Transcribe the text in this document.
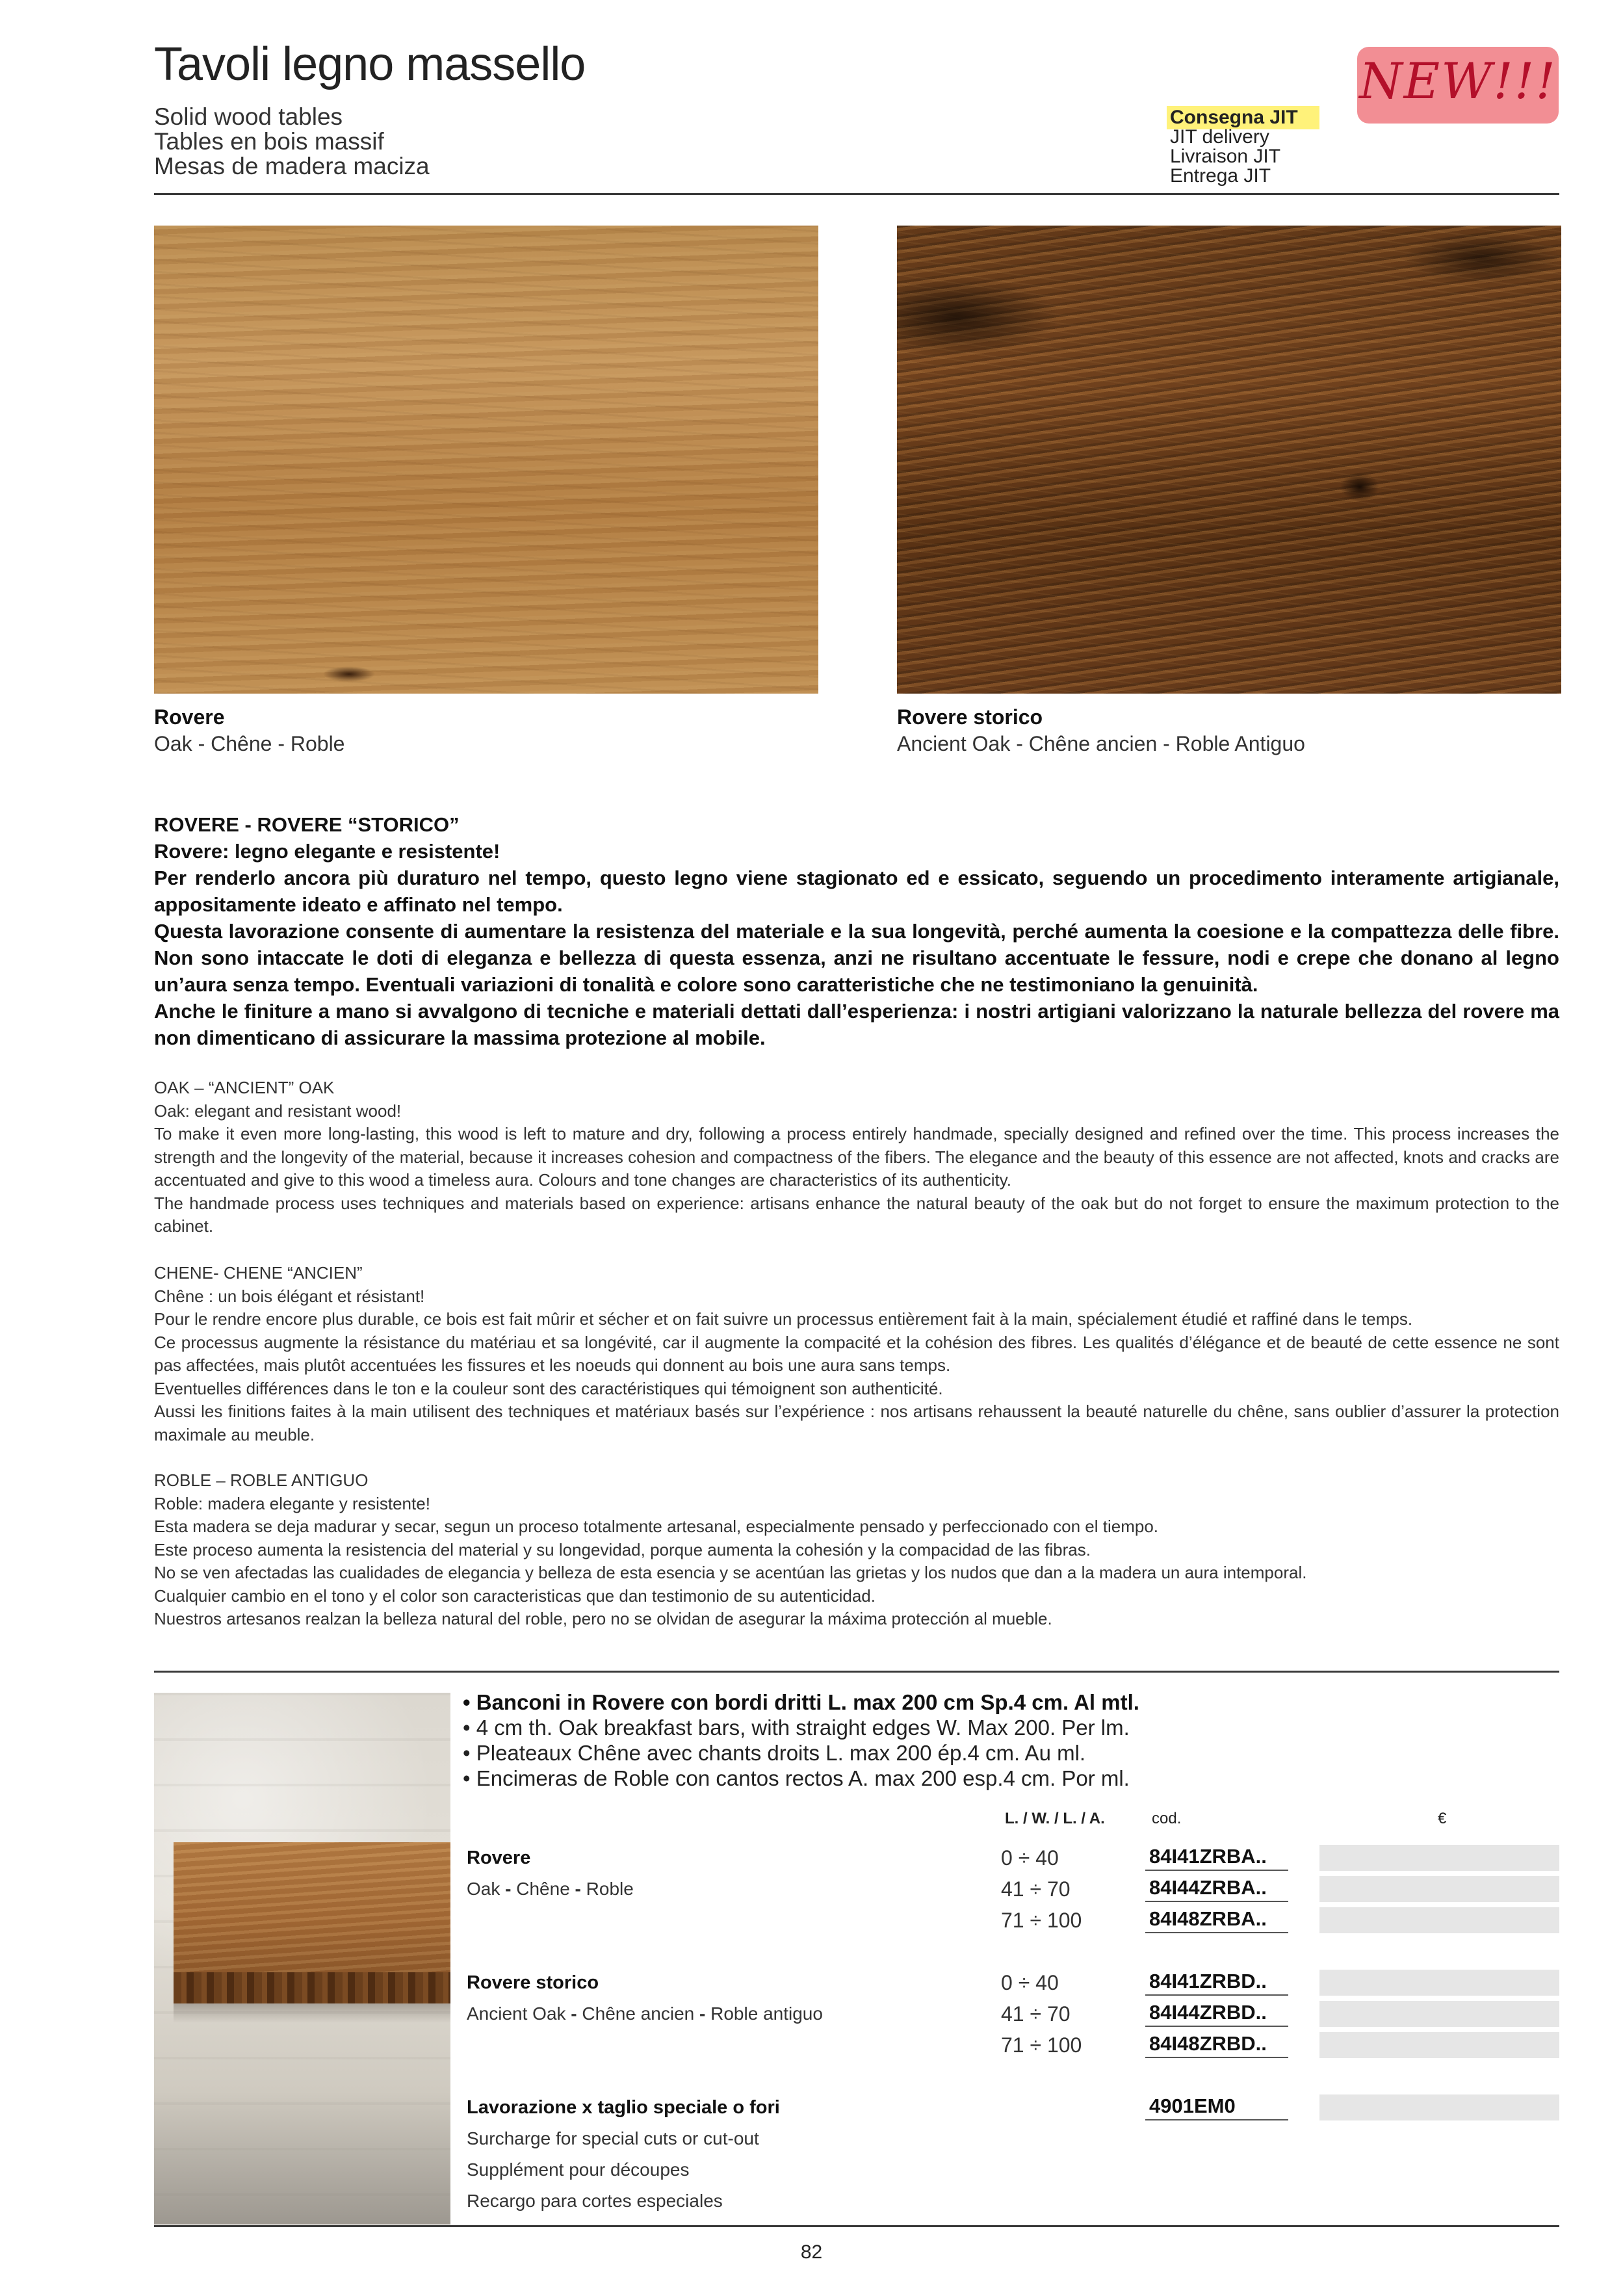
Tavoli legno massello
Solid wood tables
Tables en bois massif
Mesas de madera maciza
Consegna JIT
JIT delivery
Livraison JIT
Entrega JIT
NEW!!!
Rovere
Oak - Chêne - Roble
Rovere storico
Ancient Oak - Chêne ancien - Roble Antiguo

ROVERE - ROVERE “STORICO”

Rovere: legno elegante e resistente!

Per renderlo ancora più duraturo nel tempo, questo legno viene stagionato ed e essicato, seguendo un procedimento interamente artigianale, appositamente ideato e affinato nel tempo.

Questa lavorazione consente di aumentare la resistenza del materiale e la sua longevità, perché aumenta la coesione e la compattezza delle fibre. Non sono intaccate le doti di eleganza e bellezza di questa essenza, anzi ne risultano accentuate le fessure, nodi e crepe che donano al legno un’aura senza tempo. Eventuali variazioni di tonalità e colore sono caratteristiche che ne testimoniano la genuinità.

Anche le finiture a mano si avvalgono di tecniche e materiali dettati dall’esperienza: i nostri artigiani valorizzano la naturale bellezza del rovere ma non dimenticano di assicurare la massima protezione al mobile.

OAK – “ANCIENT” OAK

Oak: elegant and resistant wood!

To make it even more long-lasting, this wood is left to mature and dry, following a process entirely handmade, specially designed and refined over the time. This process increases the strength and the longevity of the material, because it increases cohesion and compactness of the fibers. The elegance and the beauty of this essence are not affected, knots and cracks are accentuated and give to this wood a timeless aura. Colours and tone changes are characteristics of its authenticity.

The handmade process uses techniques and materials based on experience: artisans enhance the natural beauty of the oak but do not forget to ensure the maximum protection to the cabinet.

CHENE- CHENE “ANCIEN”

Chêne : un bois élégant et résistant!

Pour le rendre encore plus durable, ce bois est fait mûrir et sécher et on fait suivre un processus entièrement fait à la main, spécialement étudié et raffiné dans le temps.

Ce processus augmente la résistance du matériau et sa longévité, car il augmente la compacité et la cohésion des fibres. Les qualités d’élégance et de beauté de cette essence ne sont pas affectées, mais plutôt accentuées les fissures et les noeuds qui donnent au bois une aura sans temps.

Eventuelles différences dans le ton e la couleur sont des caractéristiques qui témoignent son authenticité.

Aussi les finitions faites à la main utilisent des techniques et matériaux basés sur l’expérience : nos artisans rehaussent la beauté naturelle du chêne, sans oublier d’assurer la protection maximale au meuble.

ROBLE – ROBLE ANTIGUO

Roble: madera elegante y resistente!

Esta madera se deja madurar y secar, segun un proceso totalmente artesanal, especialmente pensado y perfeccionado con el tiempo.

Este proceso aumenta la resistencia del material y su longevidad, porque aumenta la cohesión y la compacidad de las fibras.

No se ven afectadas las cualidades de elegancia y belleza de esta esencia y se acentúan las grietas y los nudos que dan a la madera un aura intemporal.

Cualquier cambio en el tono y el color son caracteristicas que dan testimonio de su autenticidad.

Nuestros artesanos realzan la belleza natural del roble, pero no se olvidan de asegurar la máxima protección al mueble.

• Banconi in Rovere con bordi dritti L. max 200 cm Sp.4 cm. Al mtl.
• 4 cm th. Oak breakfast bars, with straight edges W. Max 200. Per lm.
• Pleateaux Chêne avec chants droits L. max 200 ép.4 cm. Au ml.
• Encimeras de Roble con cantos rectos A. max 200 esp.4 cm. Por ml.
L. / W. / L. / A.	cod.	€
Rovere
Oak - Chêne - Roble
0 ÷ 40	84I41ZRBA..
41 ÷ 70	84I44ZRBA..
71 ÷ 100	84I48ZRBA..
Rovere storico
Ancient Oak - Chêne ancien - Roble antiguo
0 ÷ 40	84I41ZRBD..
41 ÷ 70	84I44ZRBD..
71 ÷ 100	84I48ZRBD..
Lavorazione x taglio speciale o fori
Surcharge for special cuts or cut-out
Supplément pour découpes
Recargo para cortes especiales
4901EM0
82
